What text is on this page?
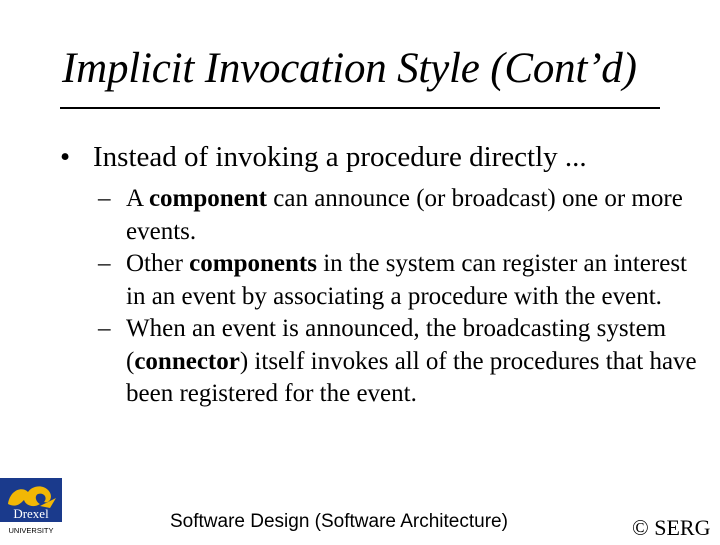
Implicit Invocation Style (Cont’d)
• Instead of invoking a procedure directly ...
– A component can announce (or broadcast) one or more events.
– Other components in the system can register an interest in an event by associating a procedure with the event.
– When an event is announced, the broadcasting system (connector) itself invokes all of the procedures that have been registered for the event.
Drexel
UNIVERSITY	Software Design (Software Architecture)	© SERG
